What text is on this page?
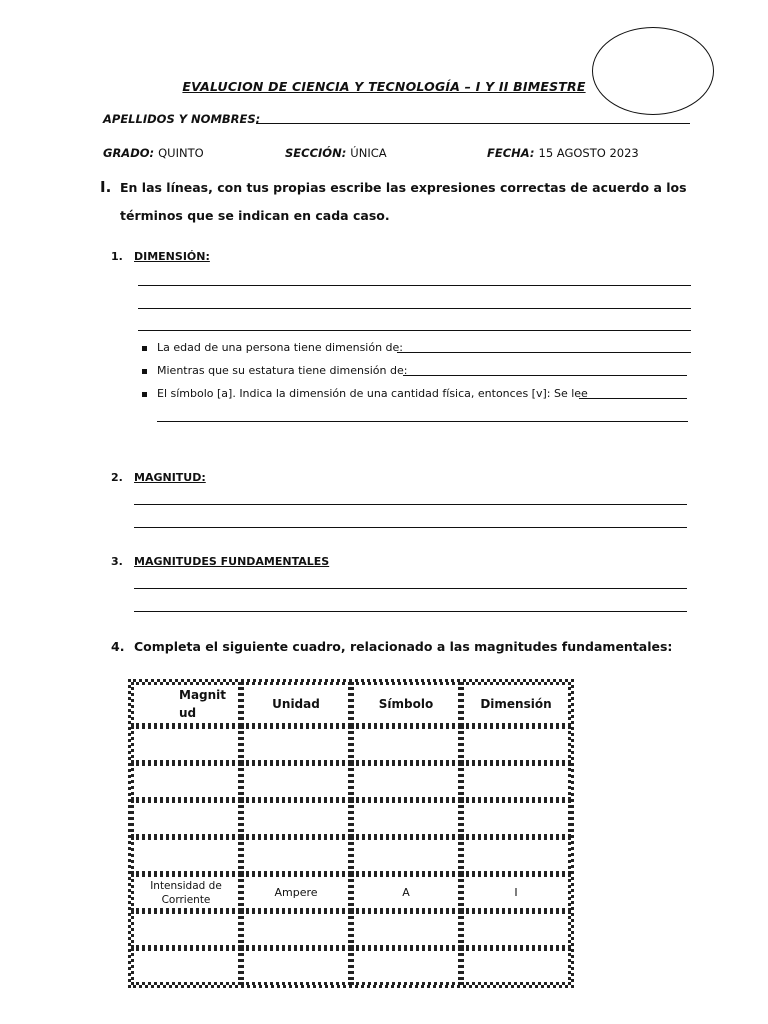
EVALUCION DE CIENCIA Y TECNOLOGÍA – I Y II BIMESTRE
APELLIDOS Y NOMBRES:
GRADO: QUINTO	SECCIÓN: ÚNICA	FECHA: 15 AGOSTO 2023
I. En las líneas, con tus propias escribe las expresiones correctas de acuerdo a los
términos que se indican en cada caso.
1. DIMENSIÓN:
La edad de una persona tiene dimensión de:
Mientras que su estatura tiene dimensión de:
El símbolo [a]. Indica la dimensión de una cantidad física, entonces [v]: Se lee
2. MAGNITUD:
3. MAGNITUDES FUNDAMENTALES
4. Completa el siguiente cuadro, relacionado a las magnitudes fundamentales:
Magnit ud	Unidad	Símbolo	Dimensión

Intensidad de Corriente	Ampere	A	I
